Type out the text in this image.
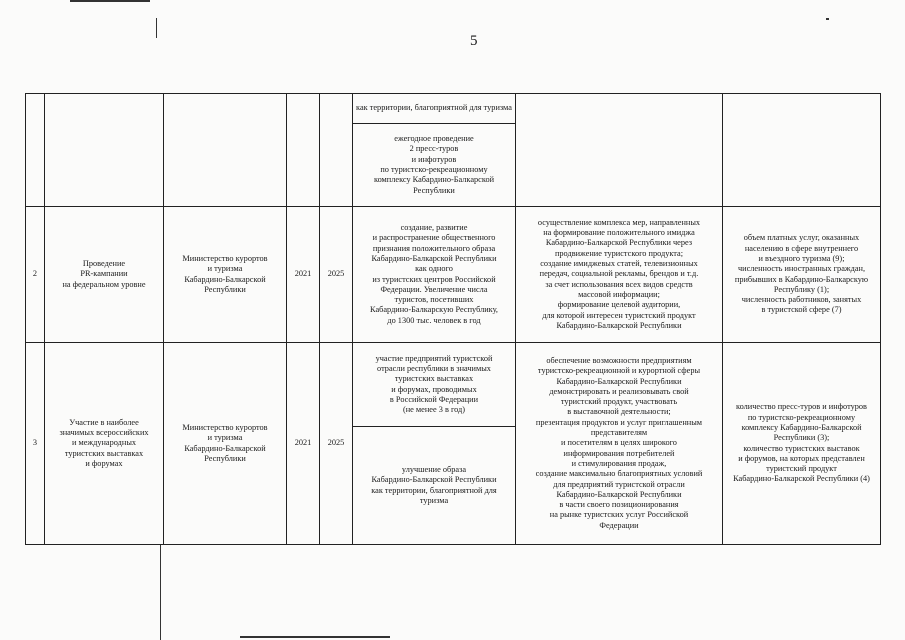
5
как территории, благоприятной для туризма
ежегодное проведение
2 пресс-туров
и инфотуров
по туристско-рекреационному
комплексу Кабардино-Балкарской
Республики
2
Проведение
PR-кампании
на федеральном уровне
Министерство курортов
и туризма
Кабардино-Балкарской
Республики
2021	2025
создание, развитие
и распространение общественного
признания положительного образа
Кабардино-Балкарской Республики
как одного
из туристских центров Российской
Федерации. Увеличение числа
туристов, посетивших
Кабардино-Балкарскую Республику,
до 1300 тыс. человек в год
осуществление комплекса мер, направленных
на формирование положительного имиджа
Кабардино-Балкарской Республики через
продвижение туристского продукта;
создание имиджевых статей, телевизионных
передач, социальной рекламы, брендов и т.д.
за счет использования всех видов средств
массовой информации;
формирование целевой аудитории,
для которой интересен туристский продукт
Кабардино-Балкарской Республики
объем платных услуг, оказанных
населению в сфере внутреннего
и въездного туризма (9);
численность иностранных граждан,
прибывших в Кабардино-Балкарскую
Республику (1);
численность работников, занятых
в туристской сфере (7)
3
Участие в наиболее
значимых всероссийских
и международных
туристских выставках
и форумах
Министерство курортов
и туризма
Кабардино-Балкарской
Республики
2021	2025
участие предприятий туристской
отрасли республики в значимых
туристских выставках
и форумах, проводимых
в Российской Федерации
(не менее 3 в год)
улучшение образа
Кабардино-Балкарской Республики
как территории, благоприятной для
туризма
обеспечение возможности предприятиям
туристско-рекреационной и курортной сферы
Кабардино-Балкарской Республики
демонстрировать и реализовывать свой
туристский продукт, участвовать
в выставочной деятельности;
презентация продуктов и услуг приглашенным
представителям
и посетителям в целях широкого
информирования потребителей
и стимулирования продаж,
создание максимально благоприятных условий
для предприятий туристской отрасли
Кабардино-Балкарской Республики
в части своего позиционирования
на рынке туристских услуг Российской
Федерации
количество пресс-туров и инфотуров
по туристско-рекреационному
комплексу Кабардино-Балкарской
Республики (3);
количество туристских выставок
и форумов, на которых представлен
туристский продукт
Кабардино-Балкарской Республики (4)
